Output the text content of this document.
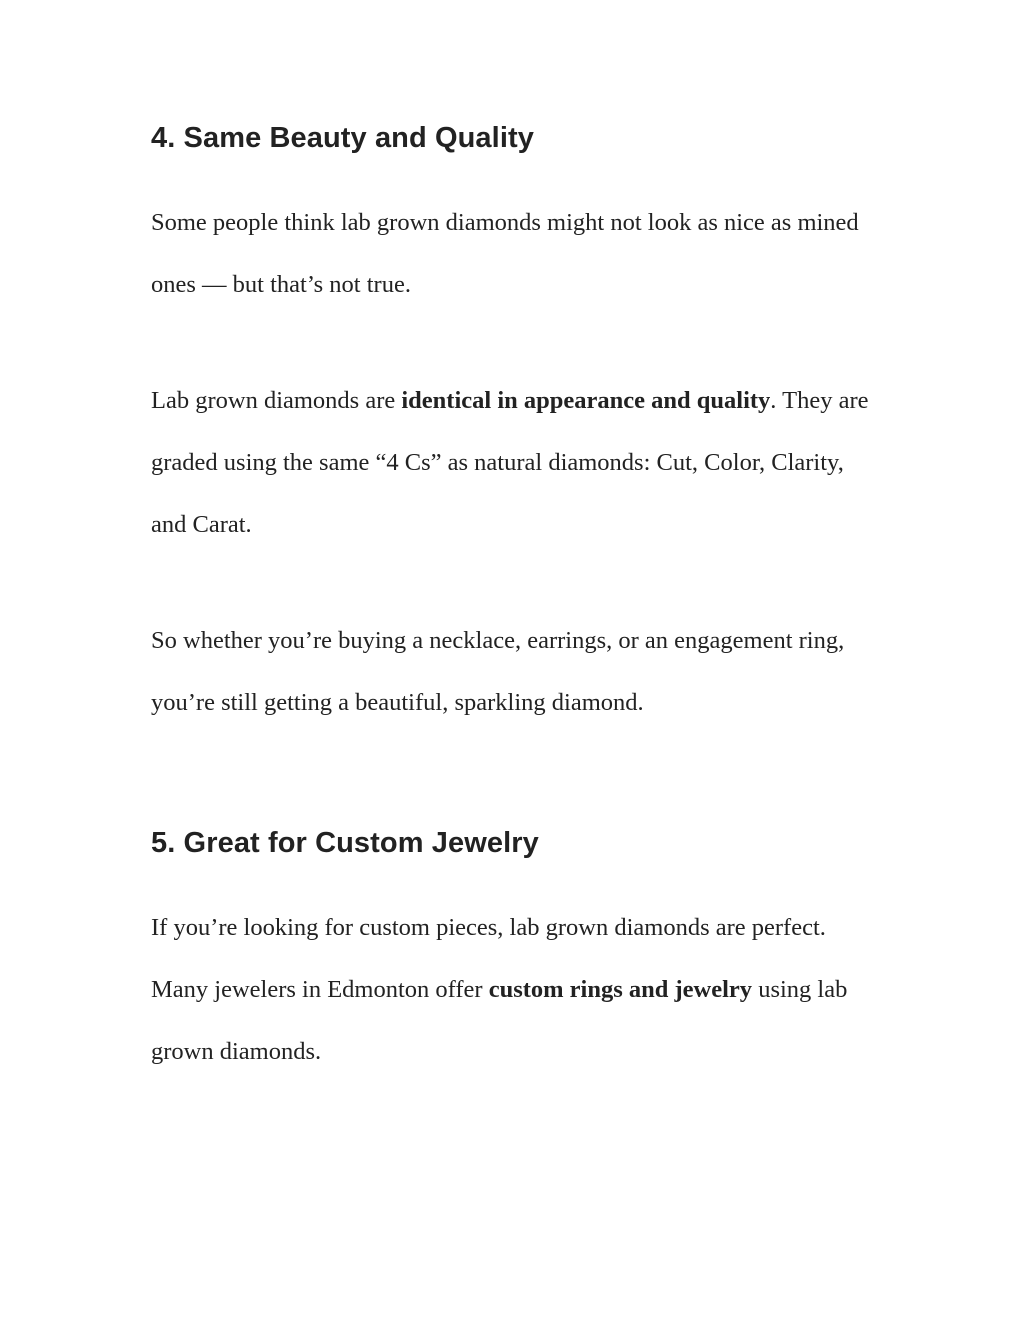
4. Same Beauty and Quality

Some people think lab grown diamonds might not look as nice as mined ones — but that’s not true.

Lab grown diamonds are identical in appearance and quality. They are graded using the same “4 Cs” as natural diamonds: Cut, Color, Clarity, and Carat.

So whether you’re buying a necklace, earrings, or an engagement ring, you’re still getting a beautiful, sparkling diamond.

5. Great for Custom Jewelry

If you’re looking for custom pieces, lab grown diamonds are perfect. Many jewelers in Edmonton offer custom rings and jewelry using lab grown diamonds.
